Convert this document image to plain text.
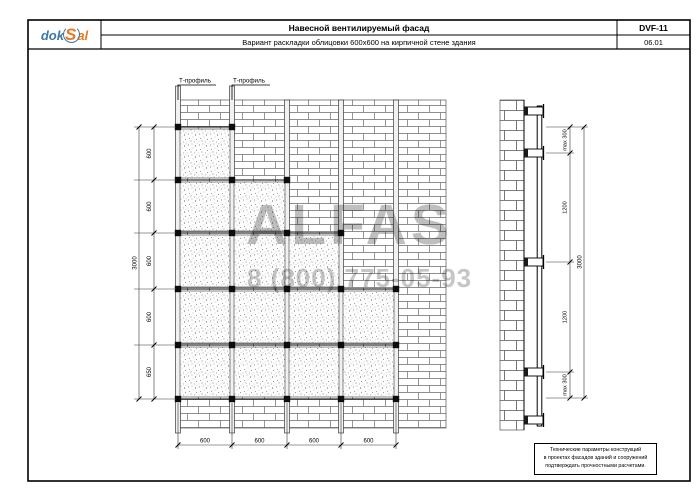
Т-профиль	Т-профиль
600
600
600
600
650
3000
600	600	600	600
max 300
1200
1200
max 300
3000
dokSal	Навесной вентилируемый фасад
Вариант раскладки облицовки 600х600 на кирпичной стене здания
DVF-11
06.01
Технические параметры конструкций
в проектах фасадов зданий и сооружений
подтверждать прочностными расчетами.
ALFAS
8 (800) 775-05-93
